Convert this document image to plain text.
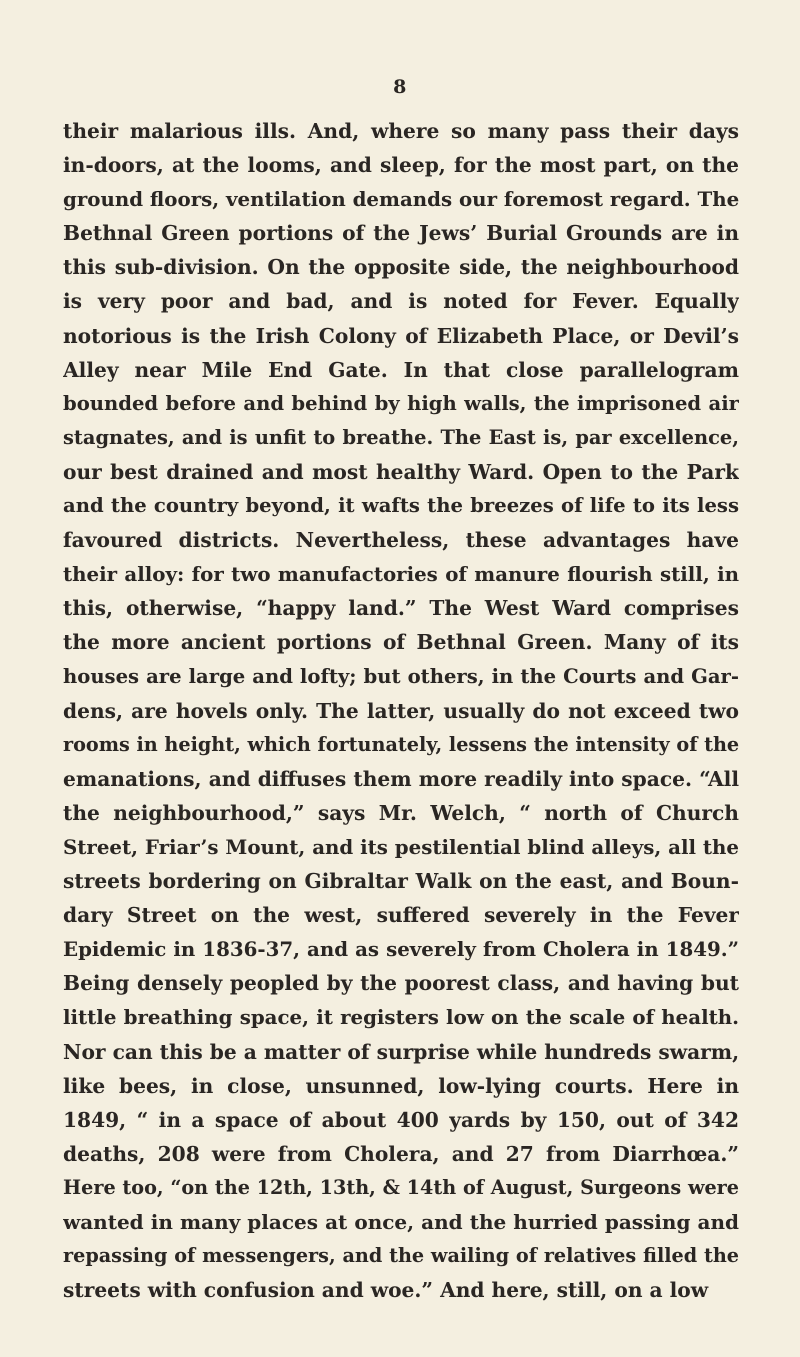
8
their malarious ills. And, where so many pass their days
in-doors, at the looms, and sleep, for the most part, on the
ground floors, ventilation demands our foremost regard. The
Bethnal Green portions of the Jews’ Burial Grounds are in
this sub-division. On the opposite side, the neighbourhood
is very poor and bad, and is noted for Fever. Equally
notorious is the Irish Colony of Elizabeth Place, or Devil’s
Alley near Mile End Gate. In that close parallelogram
bounded before and behind by high walls, the imprisoned air
stagnates, and is unfit to breathe. The East is, par excellence,
our best drained and most healthy Ward. Open to the Park
and the country beyond, it wafts the breezes of life to its less
favoured districts. Nevertheless, these advantages have
their alloy: for two manufactories of manure flourish still, in
this, otherwise, “happy land.” The West Ward comprises
the more ancient portions of Bethnal Green. Many of its
houses are large and lofty; but others, in the Courts and Gar-
dens, are hovels only. The latter, usually do not exceed two
rooms in height, which fortunately, lessens the intensity of the
emanations, and diffuses them more readily into space. “All
the neighbourhood,” says Mr. Welch, “ north of Church
Street, Friar’s Mount, and its pestilential blind alleys, all the
streets bordering on Gibraltar Walk on the east, and Boun-
dary Street on the west, suffered severely in the Fever
Epidemic in 1836-37, and as severely from Cholera in 1849.”
Being densely peopled by the poorest class, and having but
little breathing space, it registers low on the scale of health.
Nor can this be a matter of surprise while hundreds swarm,
like bees, in close, unsunned, low-lying courts. Here in
1849, “ in a space of about 400 yards by 150, out of 342
deaths, 208 were from Cholera, and 27 from Diarrhœa.”
Here too, “on the 12th, 13th, & 14th of August, Surgeons were
wanted in many places at once, and the hurried passing and
repassing of messengers, and the wailing of relatives filled the
streets with confusion and woe.” And here, still, on a low
